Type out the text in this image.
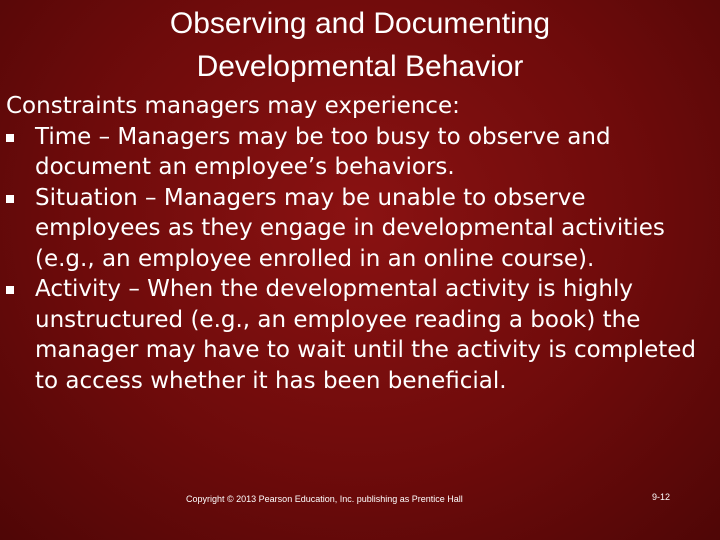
Observing and Documenting
Developmental Behavior
Constraints managers may experience:
Time – Managers may be too busy to observe and document an employee’s behaviors.
Situation – Managers may be unable to observe employees as they engage in developmental activities (e.g., an employee enrolled in an online course).
Activity – When the developmental activity is highly unstructured (e.g., an employee reading a book) the manager may have to wait until the activity is completed to access whether it has been beneficial.
Copyright © 2013 Pearson Education, Inc. publishing as Prentice Hall	9-12
